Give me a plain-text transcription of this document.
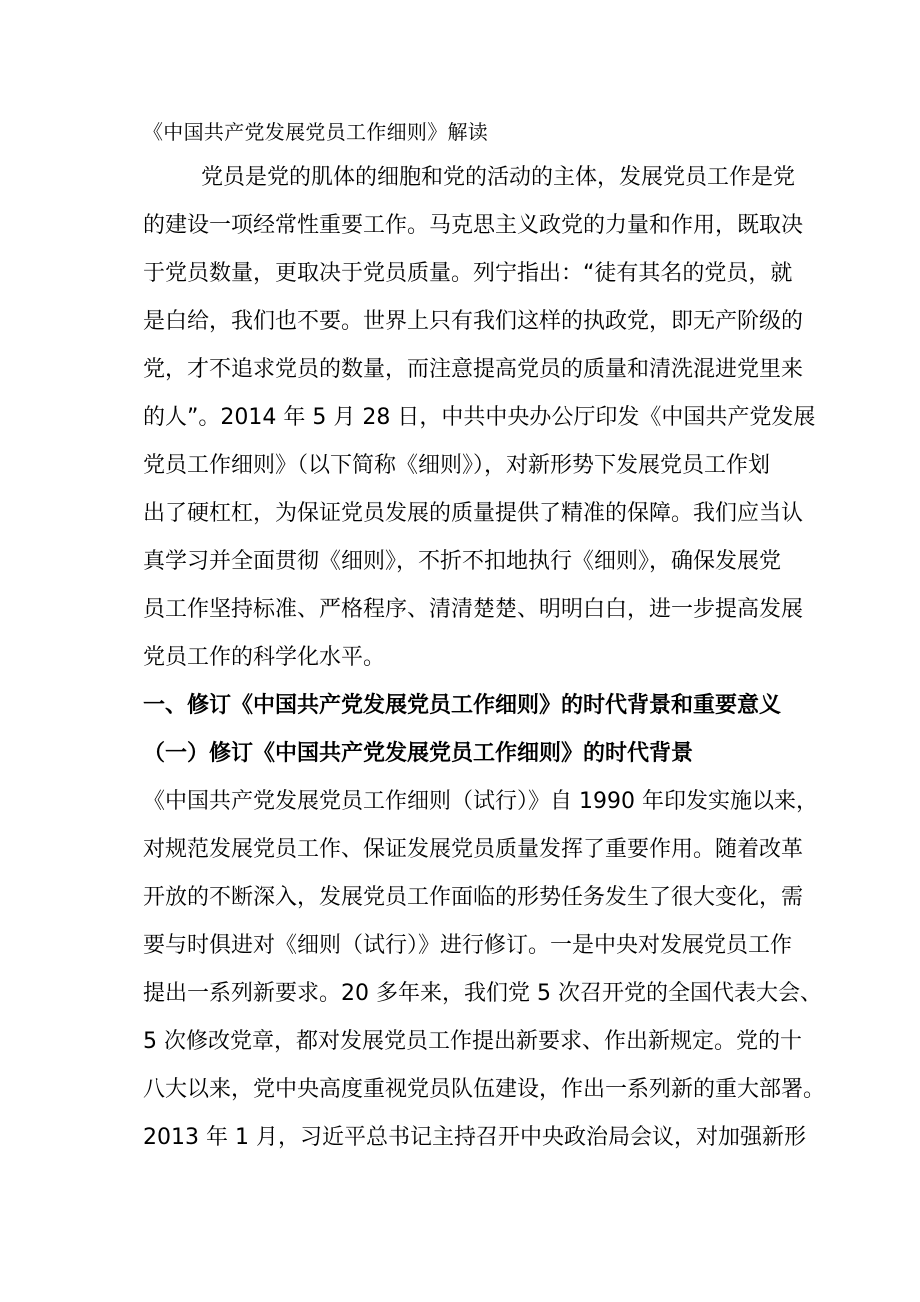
《中国共产党发展党员工作细则》解读
党员是党的肌体的细胞和党的活动的主体，发展党员工作是党
的建设一项经常性重要工作。马克思主义政党的力量和作用，既取决
于党员数量，更取决于党员质量。列宁指出：“徒有其名的党员，就
是白给，我们也不要。世界上只有我们这样的执政党，即无产阶级的
党，才不追求党员的数量，而注意提高党员的质量和清洗混进党里来
的人”。2014 年 5 月 28 日，中共中央办公厅印发《中国共产党发展
党员工作细则》（以下简称《细则》），对新形势下发展党员工作划
出了硬杠杠，为保证党员发展的质量提供了精准的保障。我们应当认
真学习并全面贯彻《细则》，不折不扣地执行《细则》，确保发展党
员工作坚持标准、严格程序、清清楚楚、明明白白，进一步提高发展
党员工作的科学化水平。
一、修订《中国共产党发展党员工作细则》的时代背景和重要意义
（一）修订《中国共产党发展党员工作细则》的时代背景
《中国共产党发展党员工作细则（试行）》自 1990 年印发实施以来，
对规范发展党员工作、保证发展党员质量发挥了重要作用。随着改革
开放的不断深入，发展党员工作面临的形势任务发生了很大变化，需
要与时俱进对《细则（试行）》进行修订。一是中央对发展党员工作
提出一系列新要求。20 多年来，我们党 5 次召开党的全国代表大会、
5 次修改党章，都对发展党员工作提出新要求、作出新规定。党的十
八大以来，党中央高度重视党员队伍建设，作出一系列新的重大部署。
2013 年 1 月，习近平总书记主持召开中央政治局会议，对加强新形
